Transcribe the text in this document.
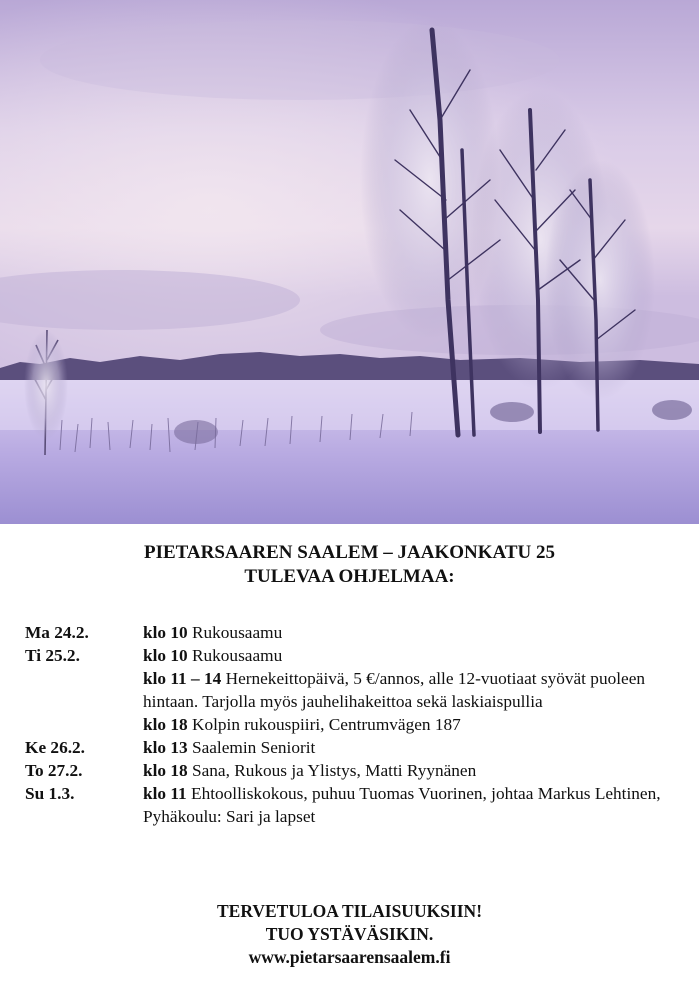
PIETARSAAREN SAALEM – JAAKONKATU 25
TULEVAA OHJELMAA:
Ma 24.2.	klo 10 Rukousaamu
Ti 25.2.	klo 10 Rukousaamu
klo 11 – 14 Hernekeittopäivä, 5 €/annos, alle 12-vuotiaat syövät puoleen hintaan. Tarjolla myös jauhelihakeittoa sekä laskiaispullia
klo 18 Kolpin rukouspiiri, Centrumvägen 187
Ke 26.2.	klo 13 Saalemin Seniorit
To 27.2.	klo 18 Sana, Rukous ja Ylistys, Matti Ryynänen
Su 1.3.	klo 11 Ehtoolliskokous, puhuu Tuomas Vuorinen, johtaa Markus Lehtinen, Pyhäkoulu: Sari ja lapset
TERVETULOA TILAISUUKSIIN!
TUO YSTÄVÄSIKIN.
www.pietarsaarensaalem.fi
